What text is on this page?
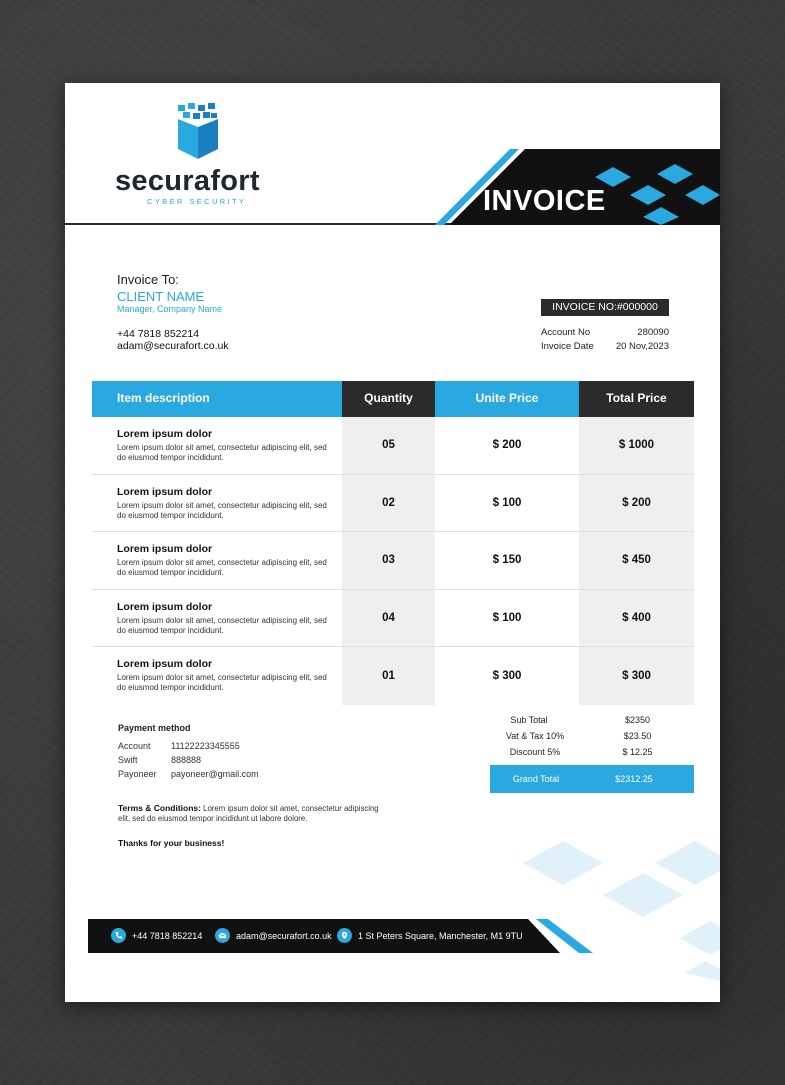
securafort
CYBER SECURITY	INVOICE
Invoice To:
CLIENT NAME
Manager, Company Name
+44 7818 852214
adam@securafort.co.uk
INVOICE NO:#000000
Account No	280090
Invoice Date	20 Nov,2023
Item description	Quantity	Unite Price	Total Price
Lorem ipsum dolor
Lorem ipsum dolor sit amet, consectetur adipiscing elit, sed do eiusmod tempor incididunt.
05	$ 200	$ 1000
Lorem ipsum dolor
Lorem ipsum dolor sit amet, consectetur adipiscing elit, sed do eiusmod tempor incididunt.
02	$ 100	$ 200
Lorem ipsum dolor
Lorem ipsum dolor sit amet, consectetur adipiscing elit, sed do eiusmod tempor incididunt.
03	$ 150	$ 450
Lorem ipsum dolor
Lorem ipsum dolor sit amet, consectetur adipiscing elit, sed do eiusmod tempor incididunt.
04	$ 100	$ 400
Lorem ipsum dolor
Lorem ipsum dolor sit amet, consectetur adipiscing elit, sed do eiusmod tempor incididunt.
01	$ 300	$ 300
Payment method
Account 11122223345555
Swift	888888
Payoneer payoneer@gmail.com
Sub Total	$2350
Vat & Tax 10%	$23.50
Discount 5%	$ 12.25
Grand Total	$2312.25
Terms & Conditions: Lorem ipsum dolor sit amet, consectetur adipiscing elit, sed do eiusmod tempor incididunt ut labore dolore.
Thanks for your business!
+44 7818 852214	adam@securafort.co.uk	1 St Peters Square, Manchester, M1 9TU
